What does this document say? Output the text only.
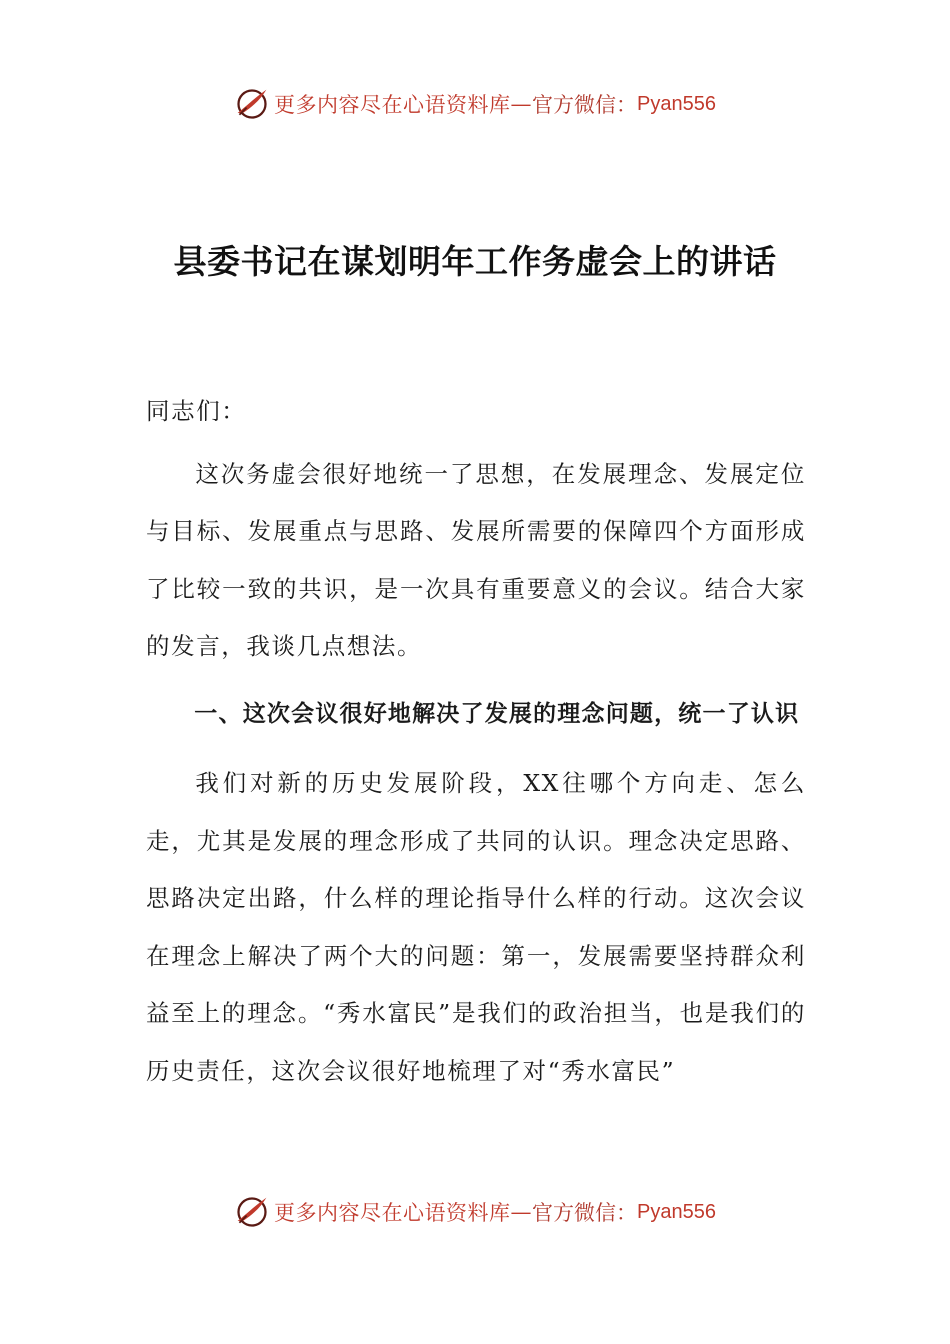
更多内容尽在心语资料库 — 官方微信： Pyan556
县委书记在谋划明年工作务虚会上的讲话

同志们：

这次务虚会很好地统一了思想，在发展理念、发展定位与目标、发展重点与思路、发展所需要的保障四个方面形成了比较一致的共识，是一次具有重要意义的会议。结合大家的发言，我谈几点想法。

一、这次会议很好地解决了发展的理念问题，统一了认识

我们对新的历史发展阶段，XX往哪个方向走、怎么走，尤其是发展的理念形成了共同的认识。理念决定思路、思路决定出路，什么样的理论指导什么样的行动。这次会议在理念上解决了两个大的问题：第一，发展需要坚持群众利益至上的理念。“秀水富民”是我们的政治担当，也是我们的历史责任，这次会议很好地梳理了对“秀水富民”

更多内容尽在心语资料库 — 官方微信： Pyan556
